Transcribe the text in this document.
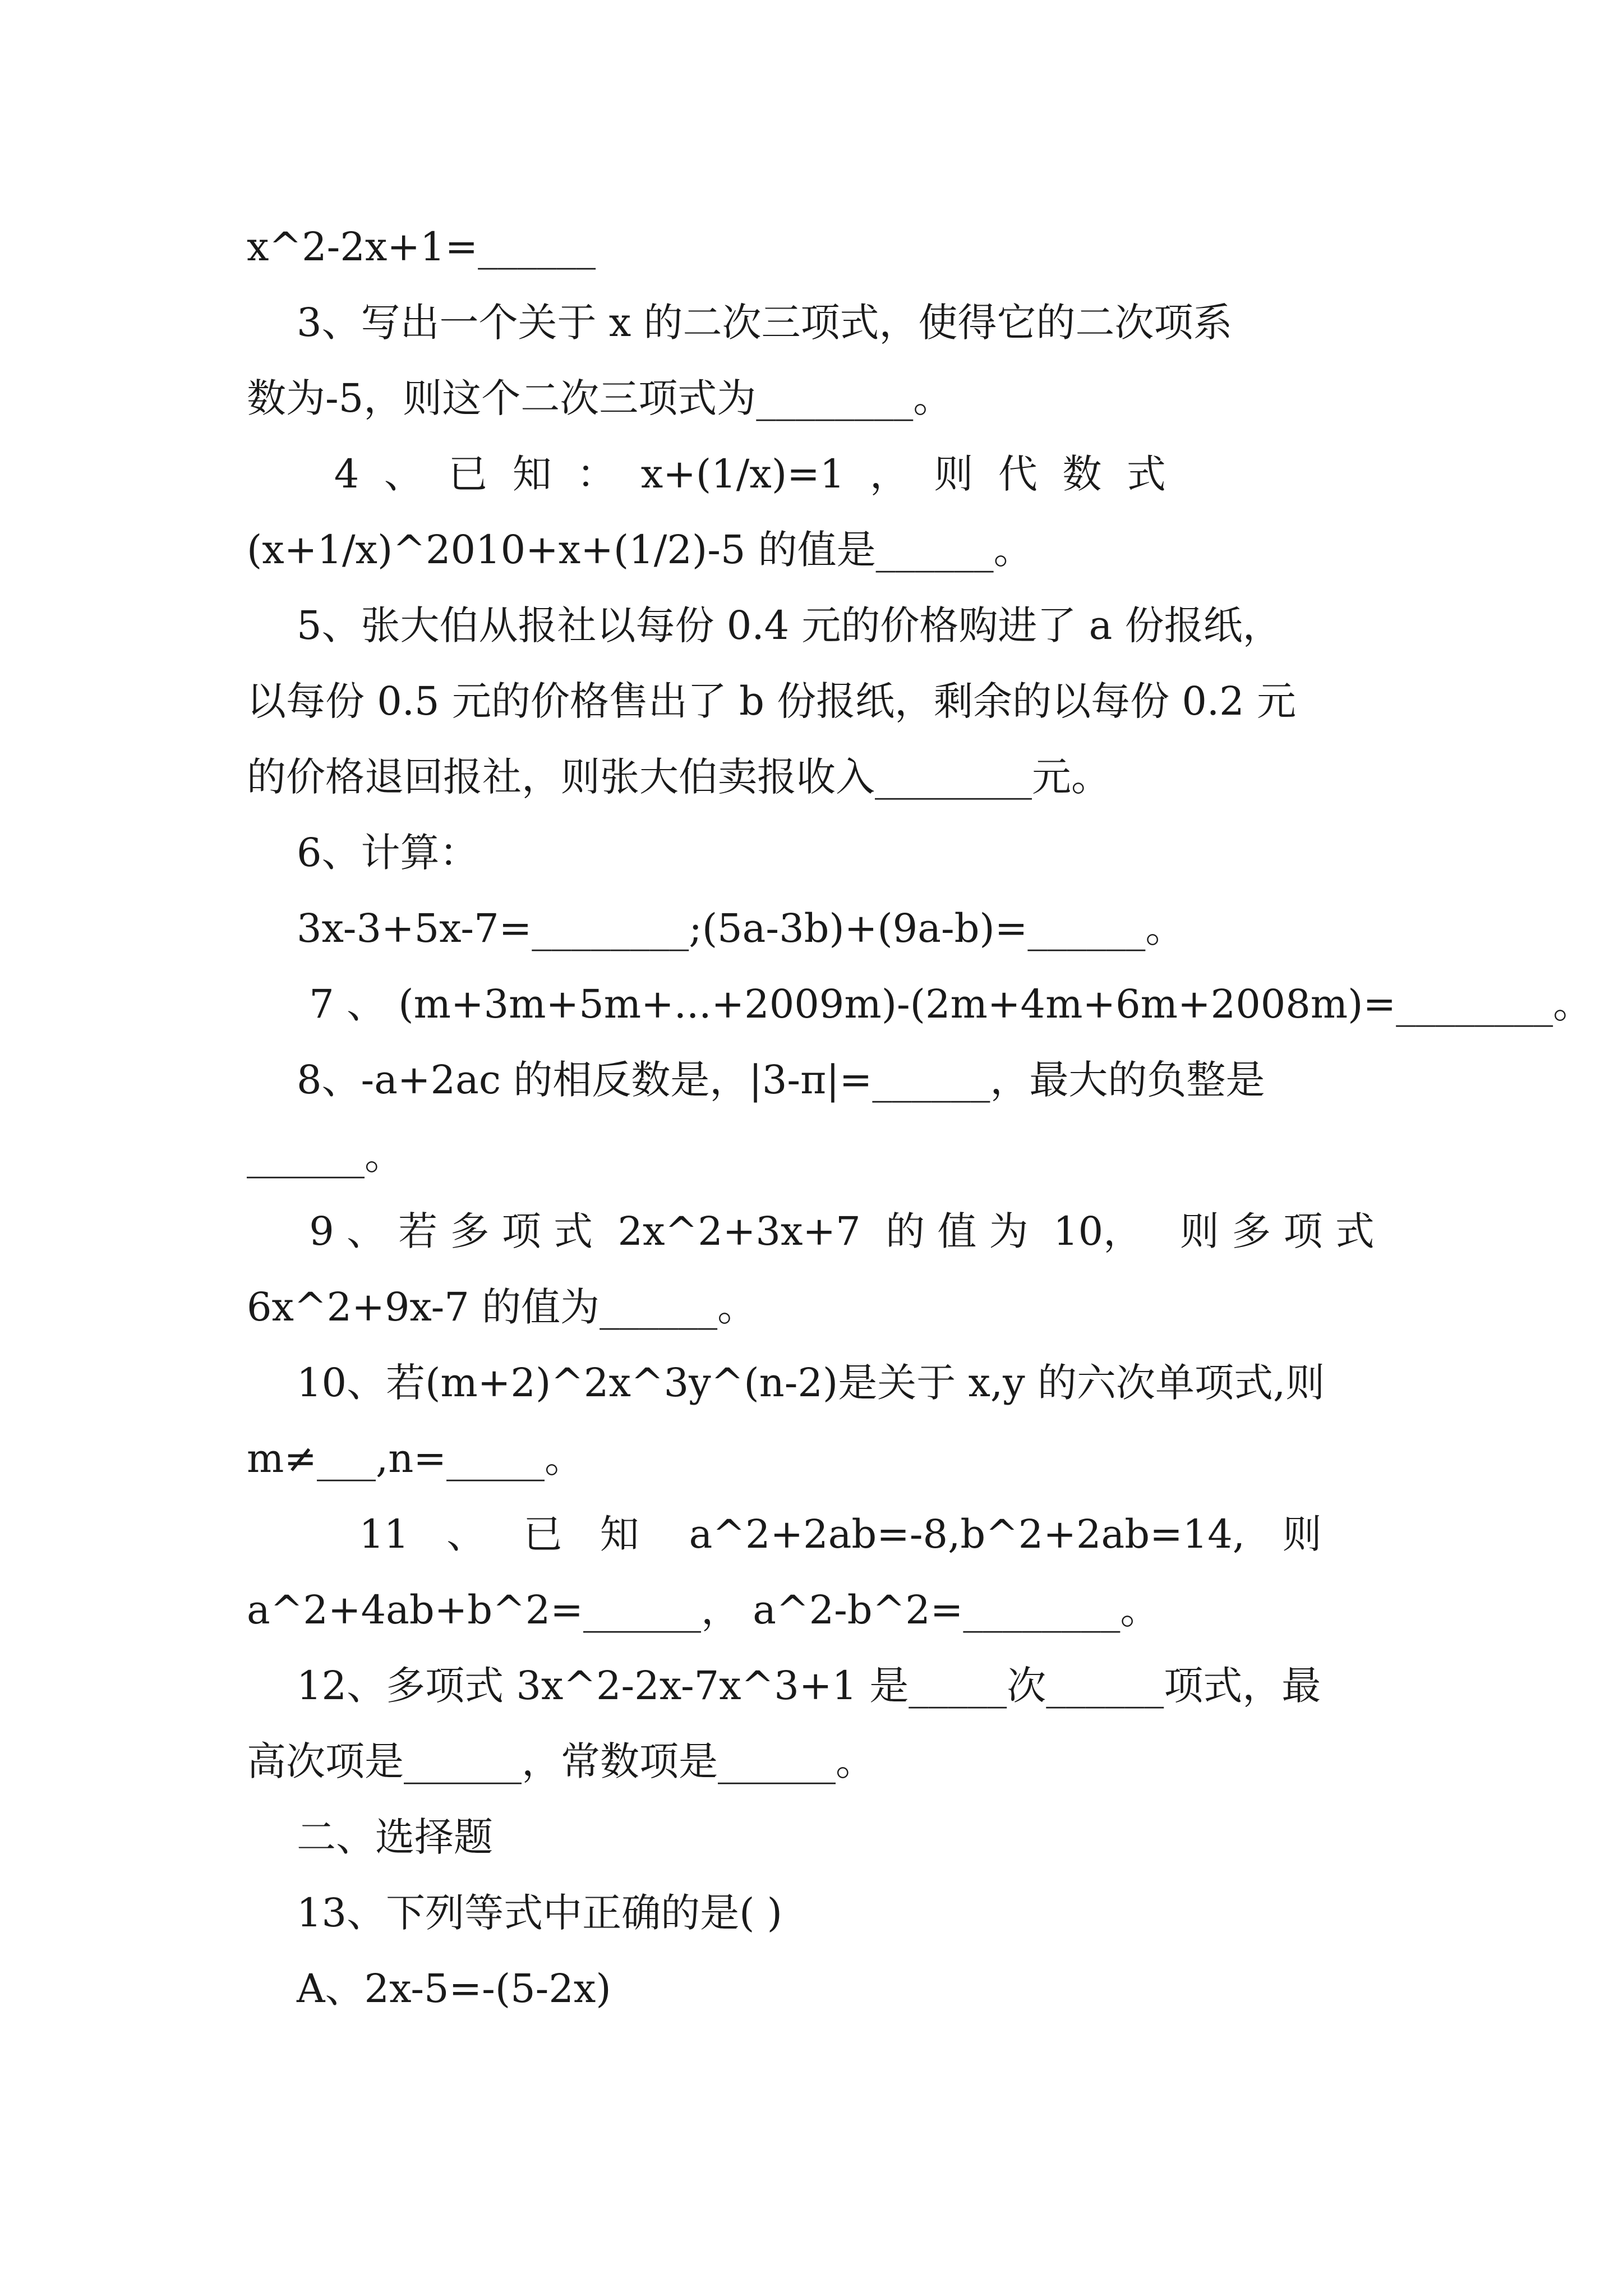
x^2-2x+1=______
3、写出一个关于 x 的二次三项式，使得它的二次项系
数为-5，则这个二次三项式为________。
4  、  已  知  ：  x+(1/x)=1  ，  则  代  数  式
(x+1/x)^2010+x+(1/2)-5 的值是______。
5、张大伯从报社以每份 0.4 元的价格购进了 a 份报纸，
以每份 0.5 元的价格售出了 b 份报纸，剩余的以每份 0.2 元
的价格退回报社，则张大伯卖报收入________元。
6、计算：
3x-3+5x-7=________;(5a-3b)+(9a-b)=______。
7 、 (m+3m+5m+...+2009m)-(2m+4m+6m+2008m)=________。
8、-a+2ac 的相反数是，|3-π|=______，最大的负整是
______。
9 、 若 多 项 式  2x^2+3x+7  的 值 为  10，   则 多 项 式
6x^2+9x-7 的值为______。
10、若(m+2)^2x^3y^(n-2)是关于 x,y 的六次单项式,则
m≠___,n=_____。
11   、   已   知    a^2+2ab=-8,b^2+2ab=14,   则
a^2+4ab+b^2=______， a^2-b^2=________。
12、多项式 3x^2-2x-7x^3+1 是_____次______项式，最
高次项是______，常数项是______。
二、选择题
13、下列等式中正确的是( )
A、2x-5=-(5-2x)
